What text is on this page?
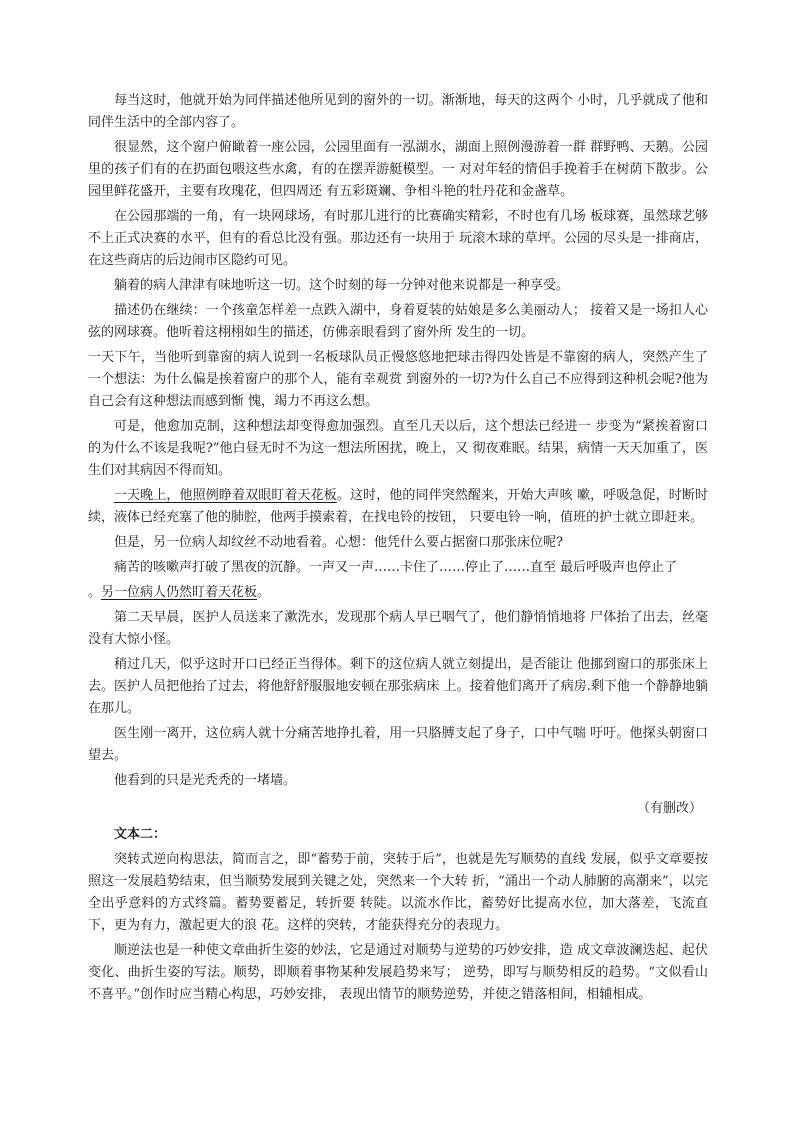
每当这时，他就开始为同伴描述他所见到的窗外的一切。渐渐地，每天的这两个 小时，几乎就成了他和同伴生活中的全部内容了。

很显然，这个窗户俯瞰着一座公园，公园里面有一泓湖水，湖面上照例漫游着一群 群野鸭、天鹅。公园里的孩子们有的在扔面包喂这些水禽，有的在摆弄游艇模型。一 对对年轻的情侣手挽着手在树荫下散步。公园里鲜花盛开，主要有玫瑰花，但四周还 有五彩斑斓、争相斗艳的牡丹花和金盏草。

在公园那端的一角，有一块网球场，有时那儿进行的比赛确实精彩，不时也有几场 板球赛，虽然球艺够不上正式决赛的水平，但有的看总比没有强。那边还有一块用于 玩滚木球的草坪。公园的尽头是一排商店，在这些商店的后边闹市区隐约可见。

躺着的病人津津有味地听这一切。这个时刻的每一分钟对他来说都是一种享受。

描述仍在继续：一个孩童怎样差一点跌入湖中，身着夏装的姑娘是多么美丽动人； 接着又是一场扣人心弦的网球赛。他听着这栩栩如生的描述，仿佛亲眼看到了窗外所 发生的一切。

一天下午，当他听到靠窗的病人说到一名板球队员正慢悠悠地把球击得四处皆是不靠窗的病人，突然产生了一个想法：为什么偏是挨着窗户的那个人，能有幸观赏 到窗外的一切?为什么自己不应得到这种机会呢?他为自己会有这种想法而感到惭 愧，竭力不再这么想。

可是，他愈加克制，这种想法却变得愈加强烈。直至几天以后，这个想法已经进一 步变为“紧挨着窗口的为什么不该是我呢?”他白昼无时不为这一想法所困扰，晚上，又 彻夜难眠。结果，病情一天天加重了，医生们对其病因不得而知。

一天晚上，他照例睁着双眼盯着天花板。这时，他的同伴突然醒来，开始大声咳 嗽，呼吸急促，时断时续，液体已经充塞了他的肺腔，他两手摸索着，在找电铃的按钮， 只要电铃一响，值班的护士就立即赶来。

但是，另一位病人却纹丝不动地看着。心想：他凭什么要占据窗口那张床位呢?

痛苦的咳嗽声打破了黑夜的沉静。一声又一声……卡住了……停止了……直至 最后呼吸声也停止了

。另一位病人仍然盯着天花板。

第二天早晨，医护人员送来了漱洗水，发现那个病人早已咽气了，他们静悄悄地将 尸体抬了出去，丝毫没有大惊小怪。

稍过几天，似乎这时开口已经正当得体。剩下的这位病人就立刻提出，是否能让 他挪到窗口的那张床上去。医护人员把他抬了过去，将他舒舒服服地安顿在那张病床 上。接着他们离开了病房.剩下他一个静静地躺在那儿。

医生刚一离开，这位病人就十分痛苦地挣扎着，用一只胳膊支起了身子，口中气喘 吁吁。他探头朝窗口望去。

他看到的只是光秃秃的一堵墙。

（有删改）
文本二：

突转式逆向构思法，简而言之，即“蓄势于前，突转于后”，也就是先写顺势的直线 发展，似乎文章要按照这一发展趋势结束，但当顺势发展到关键之处，突然来一个大转 折，“涌出一个动人肺腑的高潮来”，以完全出乎意料的方式终篇。蓄势要蓄足，转折要 转陡。以流水作比，蓄势好比提高水位，加大落差，飞流直下，更为有力，激起更大的浪 花。这样的突转，才能获得充分的表现力。

顺逆法也是一种使文章曲折生姿的妙法，它是通过对顺势与逆势的巧妙安排，造 成文章波澜迭起、起伏变化、曲折生姿的写法。顺势，即顺着事物某种发展趋势来写； 逆势，即写与顺势相反的趋势。“文似看山不喜平。”创作时应当精心构思，巧妙安排， 表现出情节的顺势逆势，并使之错落相间，相辅相成。
